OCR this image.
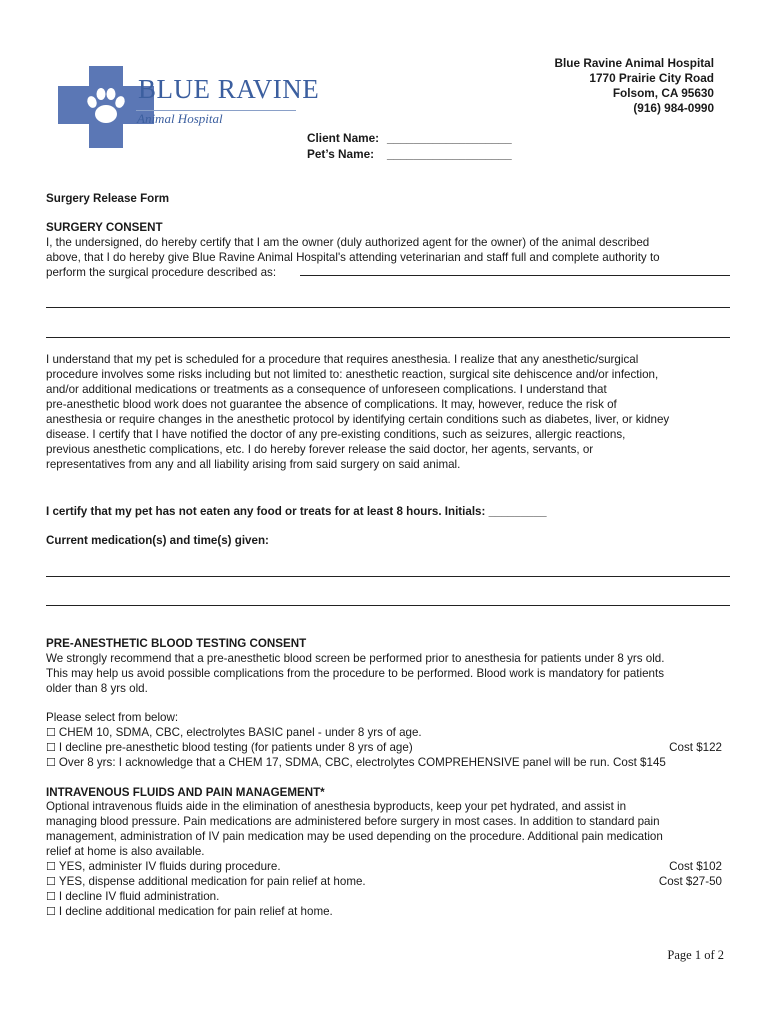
BLUE RAVINE
Animal Hospital
Blue Ravine Animal Hospital
1770 Prairie City Road
Folsom, CA 95630
(916) 984-0990
Client Name: ___________________
Pet’s Name: ___________________
Surgery Release Form
SURGERY CONSENT

I, the undersigned, do hereby certify that I am the owner (duly authorized agent for the owner) of the animal described

above, that I do hereby give Blue Ravine Animal Hospital's attending veterinarian and staff full and complete authority to

perform the surgical procedure described as:

I understand that my pet is scheduled for a procedure that requires anesthesia. I realize that any anesthetic/surgical

procedure involves some risks including but not limited to: anesthetic reaction, surgical site dehiscence and/or infection,

and/or additional medications or treatments as a consequence of unforeseen complications. I understand that

pre-anesthetic blood work does not guarantee the absence of complications. It may, however, reduce the risk of

anesthesia or require changes in the anesthetic protocol by identifying certain conditions such as diabetes, liver, or kidney

disease. I certify that I have notified the doctor of any pre-existing conditions, such as seizures, allergic reactions,

previous anesthetic complications, etc. I do hereby forever release the said doctor, her agents, servants, or

representatives from any and all liability arising from said surgery on said animal.

I certify that my pet has not eaten any food or treats for at least 8 hours. Initials: _________
Current medication(s) and time(s) given:
PRE-ANESTHETIC BLOOD TESTING CONSENT

We strongly recommend that a pre-anesthetic blood screen be performed prior to anesthesia for patients under 8 yrs old.

This may help us avoid possible complications from the procedure to be performed. Blood work is mandatory for patients

older than 8 yrs old.

Please select from below:
☐ CHEM 10, SDMA, CBC, electrolytes BASIC panel - under 8 yrs of age.
☐ I decline pre-anesthetic blood testing (for patients under 8 yrs of age)	Cost $122
☐ Over 8 yrs: I acknowledge that a CHEM 17, SDMA, CBC, electrolytes COMPREHENSIVE panel will be run. Cost $145
INTRAVENOUS FLUIDS AND PAIN MANAGEMENT*

Optional intravenous fluids aide in the elimination of anesthesia byproducts, keep your pet hydrated, and assist in

managing blood pressure. Pain medications are administered before surgery in most cases. In addition to standard pain

management, administration of IV pain medication may be used depending on the procedure. Additional pain medication

relief at home is also available.

☐ YES, administer IV fluids during procedure.	Cost $102
☐ YES, dispense additional medication for pain relief at home.	Cost $27-50
☐ I decline IV fluid administration.
☐ I decline additional medication for pain relief at home.
Page 1 of 2
